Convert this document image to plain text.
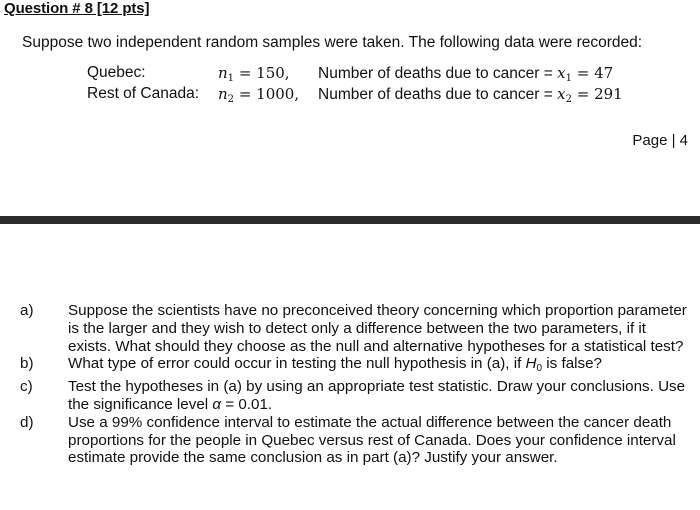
Question # 8 [12 pts]
Suppose two independent random samples were taken. The following data were recorded:
Quebec:	$n_1 = 150$, Number of deaths due to cancer = $x_1 = 47$
Rest of Canada: $n_2 = 1000$, Number of deaths due to cancer = $x_2 = 291$
Page | 4
a) Suppose the scientists have no preconceived theory concerning which proportion parameter is the larger and they wish to detect only a difference between the two parameters, if it exists. What should they choose as the null and alternative hypotheses for a statistical test?
b) What type of error could occur in testing the null hypothesis in (a), if $H_0$ is false?
c) Test the hypotheses in (a) by using an appropriate test statistic. Draw your conclusions. Use the significance level α = 0.01.
d) Use a 99% confidence interval to estimate the actual difference between the cancer death proportions for the people in Quebec versus rest of Canada. Does your confidence interval estimate provide the same conclusion as in part (a)? Justify your answer.
